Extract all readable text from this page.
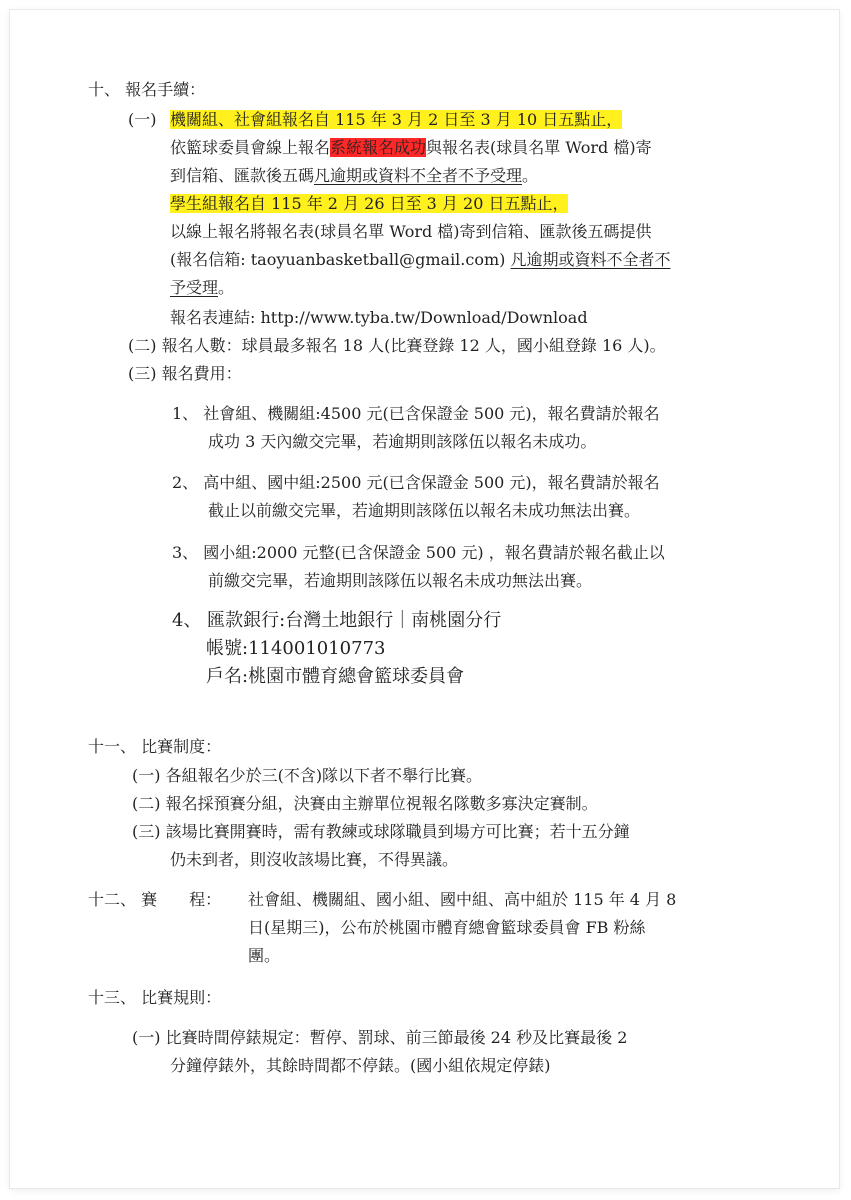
十、 報名手續：
(一) 機關組、社會組報名自 115 年 3 月 2 日至 3 月 10 日五點止，
依籃球委員會線上報名系統報名成功與報名表(球員名單 Word 檔)寄
到信箱、匯款後五碼凡逾期或資料不全者不予受理。
學生組報名自 115 年 2 月 26 日至 3 月 20 日五點止，
以線上報名將報名表(球員名單 Word 檔)寄到信箱、匯款後五碼提供
(報名信箱: taoyuanbasketball@gmail.com) 凡逾期或資料不全者不
予受理。
報名表連結: http://www.tyba.tw/Download/Download
(二) 報名人數：球員最多報名 18 人(比賽登錄 12 人，國小組登錄 16 人)。
(三) 報名費用：
1、 社會組、機關組:4500 元(已含保證金 500 元)，報名費請於報名
成功 3 天內繳交完畢，若逾期則該隊伍以報名未成功。
2、 高中組、國中組:2500 元(已含保證金 500 元)，報名費請於報名
截止以前繳交完畢，若逾期則該隊伍以報名未成功無法出賽。
3、 國小組:2000 元整(已含保證金 500 元) ，報名費請於報名截止以
前繳交完畢，若逾期則該隊伍以報名未成功無法出賽。
4、 匯款銀行:台灣土地銀行｜南桃園分行
帳號:114001010773
戶名:桃園市體育總會籃球委員會
十一、 比賽制度：
(一) 各組報名少於三(不含)隊以下者不舉行比賽。
(二) 報名採預賽分組，決賽由主辦單位視報名隊數多寡決定賽制。
(三) 該場比賽開賽時，需有教練或球隊職員到場方可比賽；若十五分鐘
仍未到者，則沒收該場比賽，不得異議。
十二、 賽　　程： 社會組、機關組、國小組、國中組、高中組於 115 年 4 月 8
日(星期三)，公布於桃園市體育總會籃球委員會 FB 粉絲
團。
十三、 比賽規則：
(一) 比賽時間停錶規定：暫停、罰球、前三節最後 24 秒及比賽最後 2
分鐘停錶外，其餘時間都不停錶。(國小組依規定停錶)
